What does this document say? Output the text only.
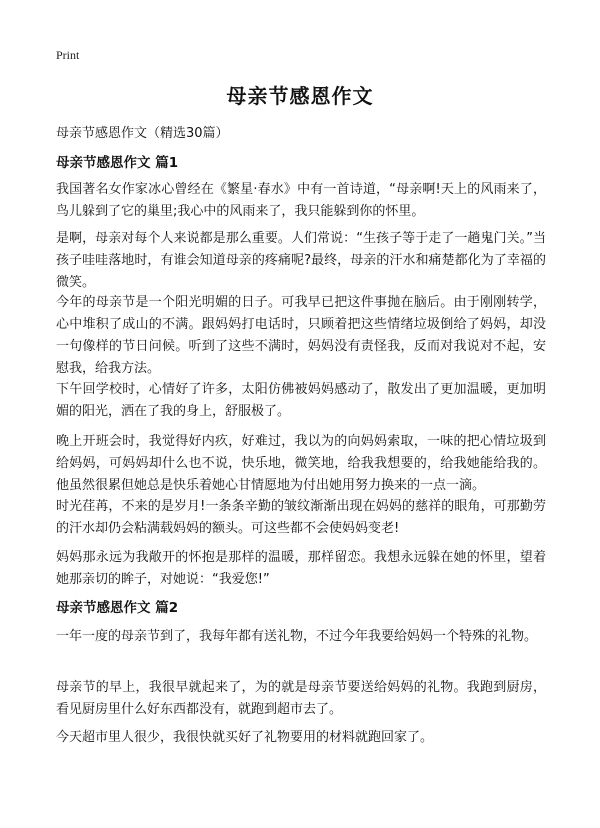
Print
母亲节感恩作文

母亲节感恩作文（精选30篇）

母亲节感恩作文 篇1

我国著名女作家冰心曾经在《繁星·春水》中有一首诗道，“母亲啊!天上的风雨来了，鸟儿躲到了它的巢里;我心中的风雨来了，我只能躲到你的怀里。

是啊，母亲对每个人来说都是那么重要。人们常说：“生孩子等于走了一趟鬼门关。”当孩子哇哇落地时，有谁会知道母亲的疼痛呢?最终，母亲的汗水和痛楚都化为了幸福的微笑。

今年的母亲节是一个阳光明媚的日子。可我早已把这件事抛在脑后。由于刚刚转学，心中堆积了成山的不满。跟妈妈打电话时，只顾着把这些情绪垃圾倒给了妈妈，却没一句像样的节日问候。听到了这些不满时，妈妈没有责怪我，反而对我说对不起，安慰我，给我方法。

下午回学校时，心情好了许多，太阳仿佛被妈妈感动了，散发出了更加温暖，更加明媚的阳光，洒在了我的身上，舒服极了。

晚上开班会时，我觉得好内疚，好难过，我以为的向妈妈索取，一味的把心情垃圾到给妈妈，可妈妈却什么也不说，快乐地，微笑地，给我我想要的，给我她能给我的。他虽然很累但她总是快乐着她心甘情愿地为付出她用努力换来的一点一滴。

时光荏苒，不来的是岁月!一条条辛勤的皱纹渐渐出现在妈妈的慈祥的眼角，可那勤劳的汗水却仍会粘满载妈妈的额头。可这些都不会使妈妈变老!

妈妈那永远为我敞开的怀抱是那样的温暖，那样留恋。我想永远躲在她的怀里，望着她那亲切的眸子，对她说：“我爱您!”

母亲节感恩作文 篇2

一年一度的母亲节到了，我每年都有送礼物，不过今年我要给妈妈一个特殊的礼物。

母亲节的早上，我很早就起来了，为的就是母亲节要送给妈妈的礼物。我跑到厨房，看见厨房里什么好东西都没有，就跑到超市去了。

今天超市里人很少，我很快就买好了礼物要用的材料就跑回家了。
